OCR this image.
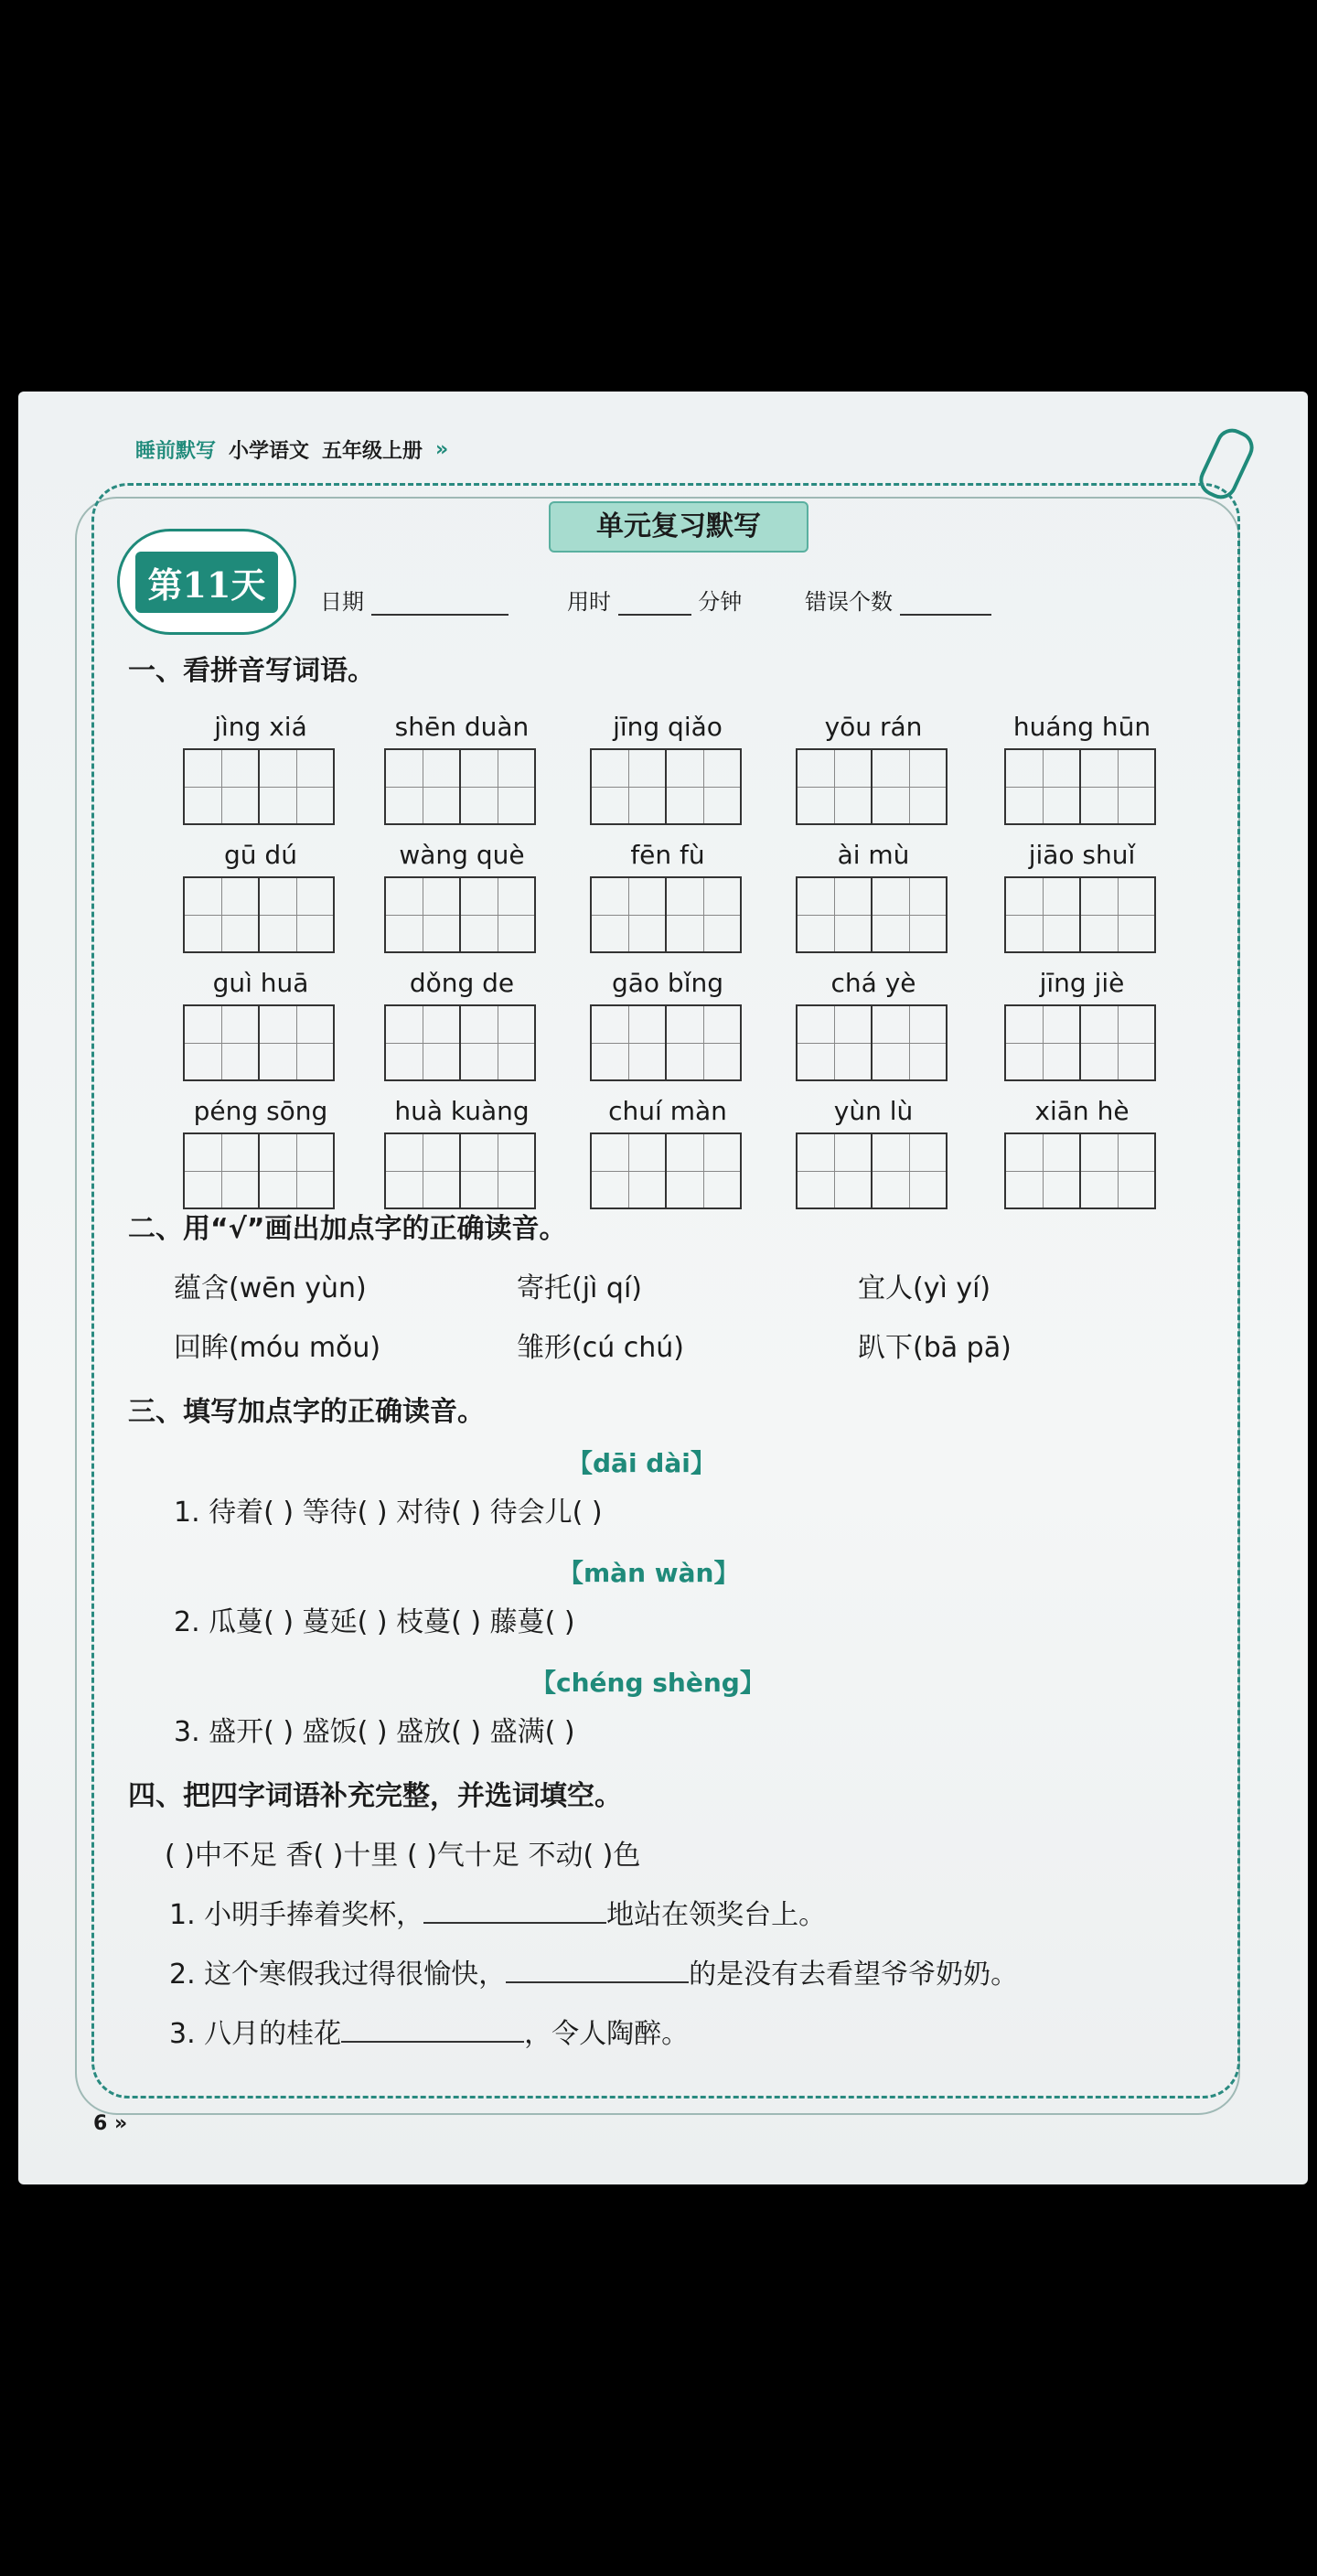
睡前默写 小学语文 五年级上册 »
单元复习默写
第11天	日期	用时	分钟	错误个数
一、看拼音写词语。
jìng xiá	shēn duàn	jīng qiǎo	yōu rán	huáng hūn
gū dú	wàng què	fēn fù	ài mù	jiāo shuǐ
guì huā	dǒng de	gāo bǐng	chá yè	jīng jiè
péng sōng	huà kuàng	chuí màn	yùn lù	xiān hè
二、用“√”画出加点字的正确读音。
蕴含(wēn yùn)	寄托(jì qí)	宜人(yì yí)
回眸(móu mǒu)	雏形(cú chú)	趴下(bā pā)
三、填写加点字的正确读音。
【dāi dài】
1. 待着( ) 等待( ) 对待( ) 待会儿( )
【màn wàn】
2. 瓜蔓( ) 蔓延( ) 枝蔓( ) 藤蔓( )
【chéng shèng】
3. 盛开( ) 盛饭( ) 盛放( ) 盛满( )
四、把四字词语补充完整，并选词填空。
( )中不足 香( )十里 ( )气十足 不动( )色
1. 小明手捧着奖杯，	地站在领奖台上。
2. 这个寒假我过得很愉快，	的是没有去看望爷爷奶奶。
3. 八月的桂花	，令人陶醉。
6 »
